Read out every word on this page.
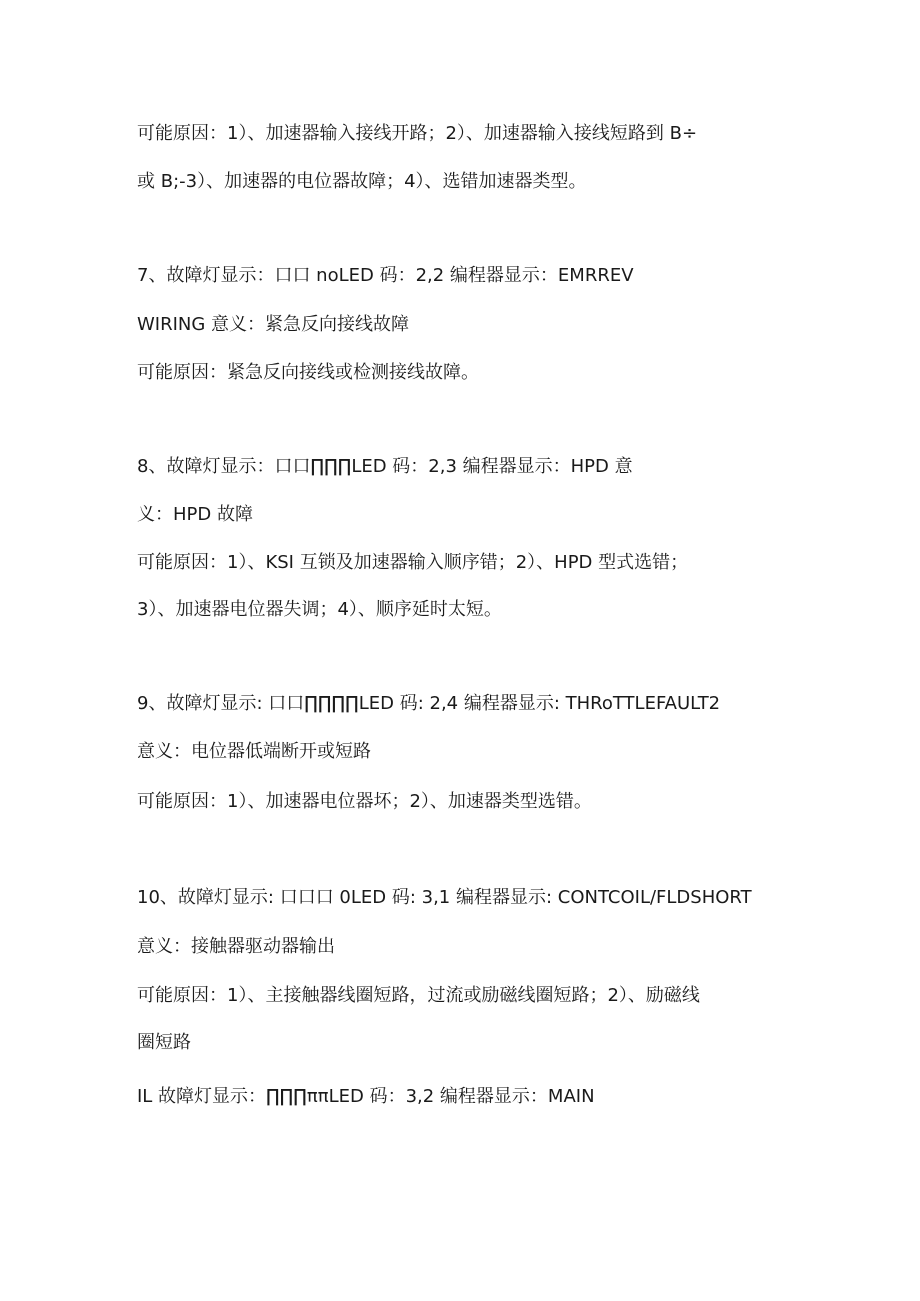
可能原因：1）、加速器输入接线开路；2）、加速器输入接线短路到 B÷
或 B;-3）、加速器的电位器故障；4）、选错加速器类型。
7、故障灯显示：口口 noLED 码：2,2 编程器显示：EMRREV
WIRING 意义：紧急反向接线故障
可能原因：紧急反向接线或检测接线故障。
8、故障灯显示：口口∏∏∏LED 码：2,3 编程器显示：HPD 意
义：HPD 故障
可能原因：1）、KSI 互锁及加速器输入顺序错；2）、HPD 型式选错；
3）、加速器电位器失调；4）、顺序延时太短。
9、故障灯显示: 口口∏∏∏∏LED 码: 2,4 编程器显示: THRoTTLEFAULT2
意义：电位器低端断开或短路
可能原因：1）、加速器电位器坏；2）、加速器类型选错。
10、故障灯显示: 口口口 0LED 码: 3,1 编程器显示: CONTCOIL/FLDSHORT
意义：接触器驱动器输出
可能原因：1）、主接触器线圈短路，过流或励磁线圈短路；2）、励磁线
圈短路
IL 故障灯显示：∏∏∏ππLED 码：3,2 编程器显示：MAIN
